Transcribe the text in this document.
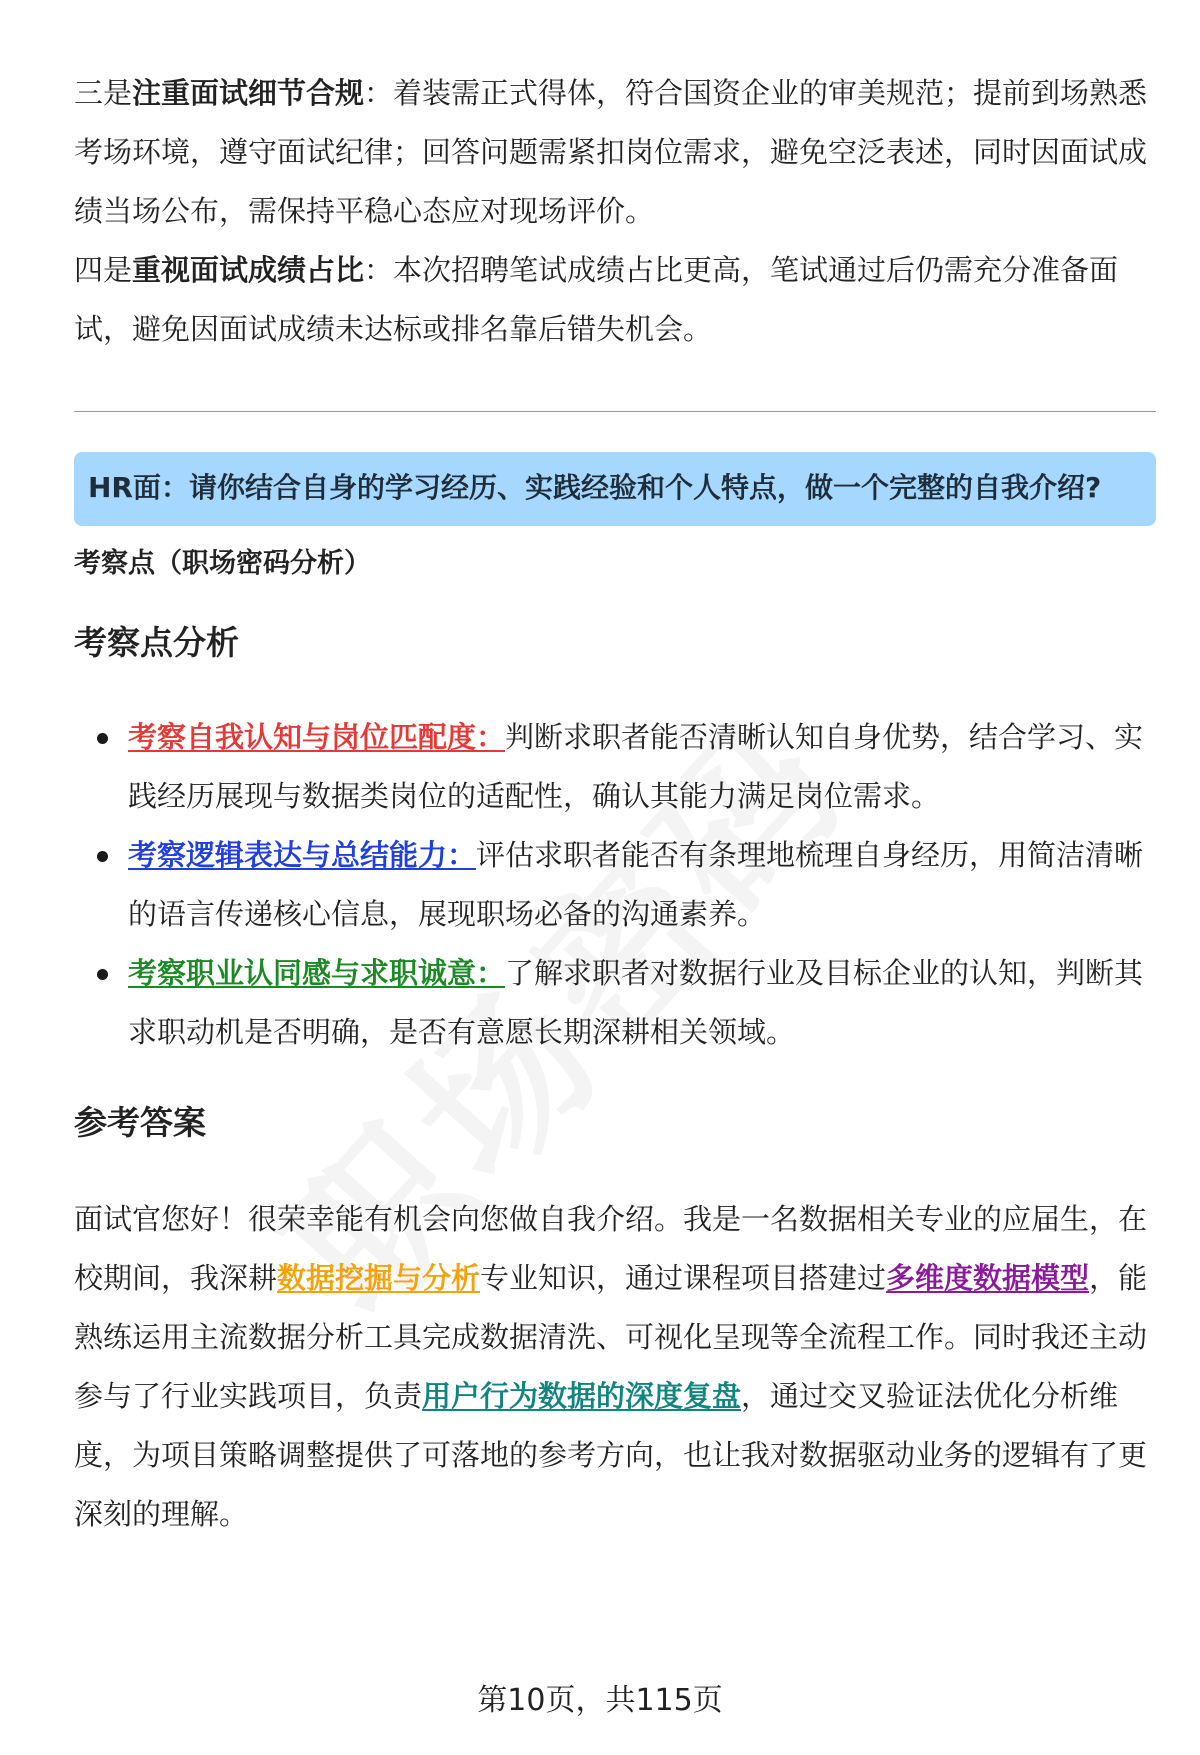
三是注重面试细节合规：着装需正式得体，符合国资企业的审美规范；提前到场熟悉考场环境，遵守面试纪律；回答问题需紧扣岗位需求，避免空泛表述，同时因面试成绩当场公布，需保持平稳心态应对现场评价。

四是重视面试成绩占比：本次招聘笔试成绩占比更高，笔试通过后仍需充分准备面试，避免因面试成绩未达标或排名靠后错失机会。

HR面：请你结合自身的学习经历、实践经验和个人特点，做一个完整的自我介绍?
考察点（职场密码分析）
考察点分析
考察自我认知与岗位匹配度：判断求职者能否清晰认知自身优势，结合学习、实践经历展现与数据类岗位的适配性，确认其能力满足岗位需求。
考察逻辑表达与总结能力：评估求职者能否有条理地梳理自身经历，用简洁清晰的语言传递核心信息，展现职场必备的沟通素养。
考察职业认同感与求职诚意：了解求职者对数据行业及目标企业的认知，判断其求职动机是否明确，是否有意愿长期深耕相关领域。
参考答案

面试官您好！很荣幸能有机会向您做自我介绍。我是一名数据相关专业的应届生，在校期间，我深耕数据挖掘与分析专业知识，通过课程项目搭建过多维度数据模型，能熟练运用主流数据分析工具完成数据清洗、可视化呈现等全流程工作。同时我还主动参与了行业实践项目，负责用户行为数据的深度复盘，通过交叉验证法优化分析维度，为项目策略调整提供了可落地的参考方向，也让我对数据驱动业务的逻辑有了更深刻的理解。

第10页，共115页
